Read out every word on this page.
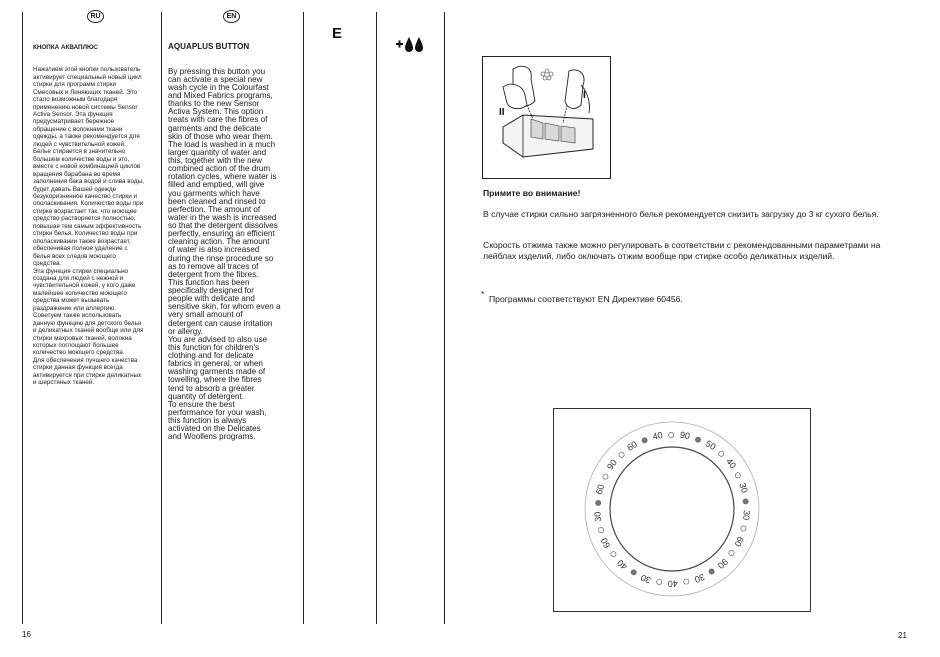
RU	EN

КНОПКА АКВАПЛЮС

Нажатием этой кнопки пользователь
активирует специальный новый цикл
стирки для программ стирки
Смесовых и Линяющих тканей. Это
стало возможным благодаря
применению новой системы Sensor
Activa Sensor. Эта функция
предусматривает бережное
обращение с волокнами ткани
одежды, а также рекомендуется для
людей с чувствительной кожей.
Белье стирается в значительно
большем количестве воды и это,
вместе с новой комбинацией циклов
вращения барабана во время
заполнения бака водой и слива воды,
будет давать Вашей одежде
безукоризненное качество стирки и
ополаскивания. Количество воды при
стирке возрастает так, что моющее
средство растворяется полностью,
повышая тем самым эффективность
стирки белья. Количество воды при
ополаскивании также возрастает,
обеспечивая полное удаление с
белья всех следов моющего
средства.
Эта функция стирки специально
создана для людей с нежной и
чувствительной кожей, у кого даже
малейшее количество моющего
средства может вызывать
раздражение или аллергию.
Советуем также использовать
данную функцию для детского белья
и деликатных тканей вообще или для
стирки махровых тканей, волокна
которых поглощают большее
количество моющего средства.
Для обеспечения лучшего качества
стирки данная функция всегда
активируется при стирке деликатных
и шерстяных тканей.

AQUAPLUS BUTTON

By pressing this button you
can activate a special new
wash cycle in the Colourfast
and Mixed Fabrics programs,
thanks to the new Sensor
Activa System. This option
treats with care the fibres of
garments and the delicate
skin of those who wear them.
The load is washed in a much
larger quantity of water and
this, together with the new
combined action of the drum
rotation cycles, where water is
filled and emptied, will give
you garments which have
been cleaned and rinsed to
perfection. The amount of
water in the wash is increased
so that the detergent dissolves
perfectly, ensuring an efficient
cleaning action. The amount
of water is also increased
during the rinse procedure so
as to remove all traces of
detergent from the fibres.
This function has been
specifically designed for
people with delicate and
sensitive skin, for whom even a
very small amount of
detergent can cause irritation
or allergy.
You are advised to also use
this function for children's
clothing and for delicate
fabrics in general, or when
washing garments made of
towelling, where the fibres
tend to absorb a greater
quantity of detergent.
To ensure the best
performance for your wash,
this function is always
activated on the Delicates
and Woollens programs.

E
16	21
I
II
Примите во внимание!
В случае стирки сильно загрязненного белья рекомендуется снизить загрузку до 3 кг сухого белья.
Скорость отжима также можно регулировать в соответствии с рекомендованными параметрами на лейблах изделий, либо оключать отжим вообще при стирке особо деликатных изделий.
* Программы соответствуют EN Директиве 60456.
90
50
40
30
30
60
90
30
40
30
40
60
30
60
90
60
40
